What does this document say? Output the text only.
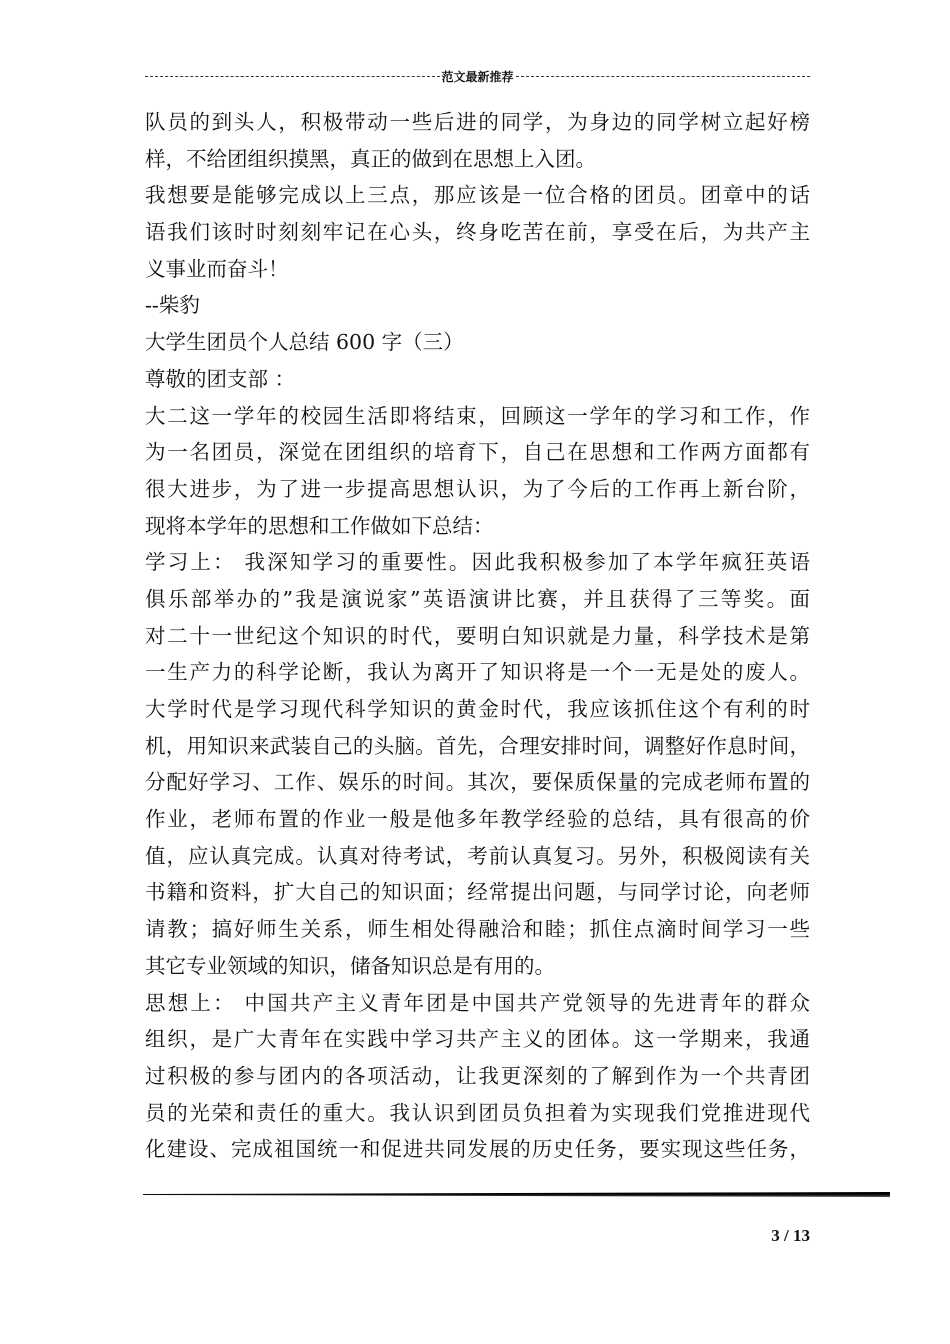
范文最新推荐
队员的到头人，积极带动一些后进的同学，为身边的同学树立起好榜
样，不给团组织摸黑，真正的做到在思想上入团。
我想要是能够完成以上三点，那应该是一位合格的团员。团章中的话
语我们该时时刻刻牢记在心头，终身吃苦在前，享受在后，为共产主
义事业而奋斗！
--柴豹
大学生团员个人总结 600 字（三）
尊敬的团支部 ：
大二这一学年的校园生活即将结束，回顾这一学年的学习和工作，作
为一名团员，深觉在团组织的培育下，自己在思想和工作两方面都有
很大进步，为了进一步提高思想认识，为了今后的工作再上新台阶，
现将本学年的思想和工作做如下总结：
学习上： 我深知学习的重要性。因此我积极参加了本学年疯狂英语
俱乐部举办的”我是演说家”英语演讲比赛，并且获得了三等奖。面
对二十一世纪这个知识的时代，要明白知识就是力量，科学技术是第
一生产力的科学论断，我认为离开了知识将是一个一无是处的废人。
大学时代是学习现代科学知识的黄金时代，我应该抓住这个有利的时
机，用知识来武装自己的头脑。首先，合理安排时间，调整好作息时间，
分配好学习、工作、娱乐的时间。其次，要保质保量的完成老师布置的
作业，老师布置的作业一般是他多年教学经验的总结，具有很高的价
值，应认真完成。认真对待考试，考前认真复习。另外，积极阅读有关
书籍和资料，扩大自己的知识面；经常提出问题，与同学讨论，向老师
请教；搞好师生关系，师生相处得融洽和睦；抓住点滴时间学习一些
其它专业领域的知识，储备知识总是有用的。
思想上： 中国共产主义青年团是中国共产党领导的先进青年的群众
组织，是广大青年在实践中学习共产主义的团体。这一学期来，我通
过积极的参与团内的各项活动，让我更深刻的了解到作为一个共青团
员的光荣和责任的重大。我认识到团员负担着为实现我们党推进现代
化建设、完成祖国统一和促进共同发展的历史任务，要实现这些任务，
3 / 13
